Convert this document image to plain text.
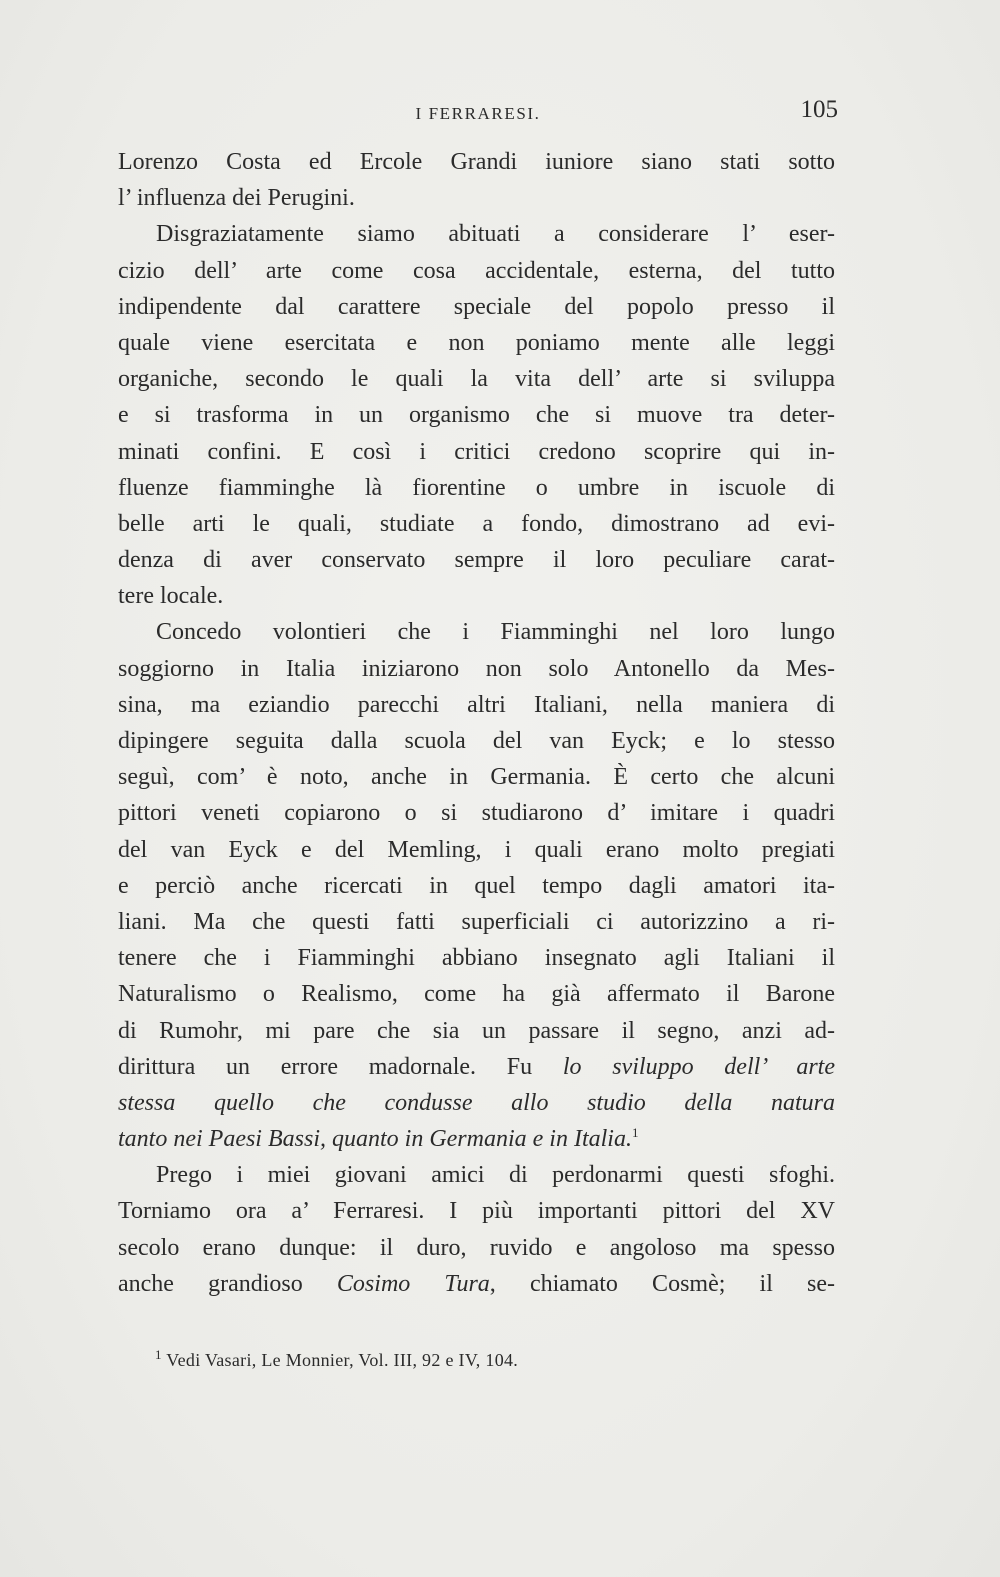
I FERRARESI.	105
Lorenzo Costa ed Ercole Grandi iuniore siano stati sotto
l’ influenza dei Perugini.
Disgraziatamente siamo abituati a considerare l’ eser-
cizio dell’ arte come cosa accidentale, esterna, del tutto
indipendente dal carattere speciale del popolo presso il
quale viene esercitata e non poniamo mente alle leggi
organiche, secondo le quali la vita dell’ arte si sviluppa
e si trasforma in un organismo che si muove tra deter-
minati confini. E così i critici credono scoprire qui in-
fluenze fiamminghe là fiorentine o umbre in iscuole di
belle arti le quali, studiate a fondo, dimostrano ad evi-
denza di aver conservato sempre il loro peculiare carat-
tere locale.
Concedo volontieri che i Fiamminghi nel loro lungo
soggiorno in Italia iniziarono non solo Antonello da Mes-
sina, ma eziandio parecchi altri Italiani, nella maniera di
dipingere seguita dalla scuola del van Eyck; e lo stesso
seguì, com’ è noto, anche in Germania. È certo che alcuni
pittori veneti copiarono o si studiarono d’ imitare i quadri
del van Eyck e del Memling, i quali erano molto pregiati
e perciò anche ricercati in quel tempo dagli amatori ita-
liani. Ma che questi fatti superficiali ci autorizzino a ri-
tenere che i Fiamminghi abbiano insegnato agli Italiani il
Naturalismo o Realismo, come ha già affermato il Barone
di Rumohr, mi pare che sia un passare il segno, anzi ad-
dirittura un errore madornale. Fu lo sviluppo dell’ arte
stessa quello che condusse allo studio della natura
tanto nei Paesi Bassi, quanto in Germania e in Italia.$^1$
Prego i miei giovani amici di perdonarmi questi sfoghi.
Torniamo ora a’ Ferraresi. I più importanti pittori del XV
secolo erano dunque: il duro, ruvido e angoloso ma spesso
anche grandioso Cosimo Tura, chiamato Cosmè; il se-
$^1$ Vedi Vasari, Le Monnier, Vol. III, 92 e IV, 104.
